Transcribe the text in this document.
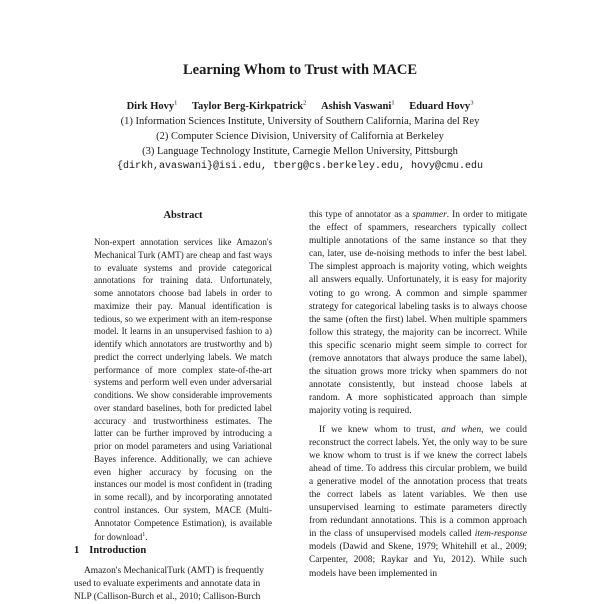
Learning Whom to Trust with MACE
Dirk Hovy$^1$ Taylor Berg-Kirkpatrick$^2$ Ashish Vaswani$^1$ Eduard Hovy$^3$
(1) Information Sciences Institute, University of Southern California, Marina del Rey
(2) Computer Science Division, University of California at Berkeley
(3) Language Technology Institute, Carnegie Mellon University, Pittsburgh
{dirkh,avaswani}@isi.edu, tberg@cs.berkeley.edu, hovy@cmu.edu
Abstract

Non-expert annotation services like Amazon's Mechanical Turk (AMT) are cheap and fast ways to evaluate systems and provide categorical annotations for training data. Unfortunately, some annotators choose bad labels in order to maximize their pay. Manual identification is tedious, so we experiment with an item-response model. It learns in an unsupervised fashion to a) identify which annotators are trustworthy and b) predict the correct underlying labels. We match performance of more complex state-of-the-art systems and perform well even under adversarial conditions. We show considerable improvements over standard baselines, both for predicted label accuracy and trustworthiness estimates. The latter can be further improved by introducing a prior on model parameters and using Variational Bayes inference. Additionally, we can achieve even higher accuracy by focusing on the instances our model is most confident in (trading in some recall), and by incorporating annotated control instances. Our system, MACE (Multi-Annotator Competence Estimation), is available for download$^1$.

1 Introduction
Amazon's MechanicalTurk (AMT) is frequently
used to evaluate experiments and annotate data in
NLP (Callison-Burch et al., 2010; Callison-Burch

this type of annotator as a spammer. In order to mitigate the effect of spammers, researchers typically collect multiple annotations of the same instance so that they can, later, use de-noising methods to infer the best label. The simplest approach is majority voting, which weights all answers equally. Unfortunately, it is easy for majority voting to go wrong. A common and simple spammer strategy for categorical labeling tasks is to always choose the same (often the first) label. When multiple spammers follow this strategy, the majority can be incorrect. While this specific scenario might seem simple to correct for (remove annotators that always produce the same label), the situation grows more tricky when spammers do not annotate consistently, but instead choose labels at random. A more sophisticated approach than simple majority voting is required.

If we knew whom to trust, and when, we could reconstruct the correct labels. Yet, the only way to be sure we know whom to trust is if we knew the correct labels ahead of time. To address this circular problem, we build a generative model of the annotation process that treats the correct labels as latent variables. We then use unsupervised learning to estimate parameters directly from redundant annotations. This is a common approach in the class of unsupervised models called item-response models (Dawid and Skene, 1979; Whitehill et al., 2009; Carpenter, 2008; Raykar and Yu, 2012). While such models have been implemented in
